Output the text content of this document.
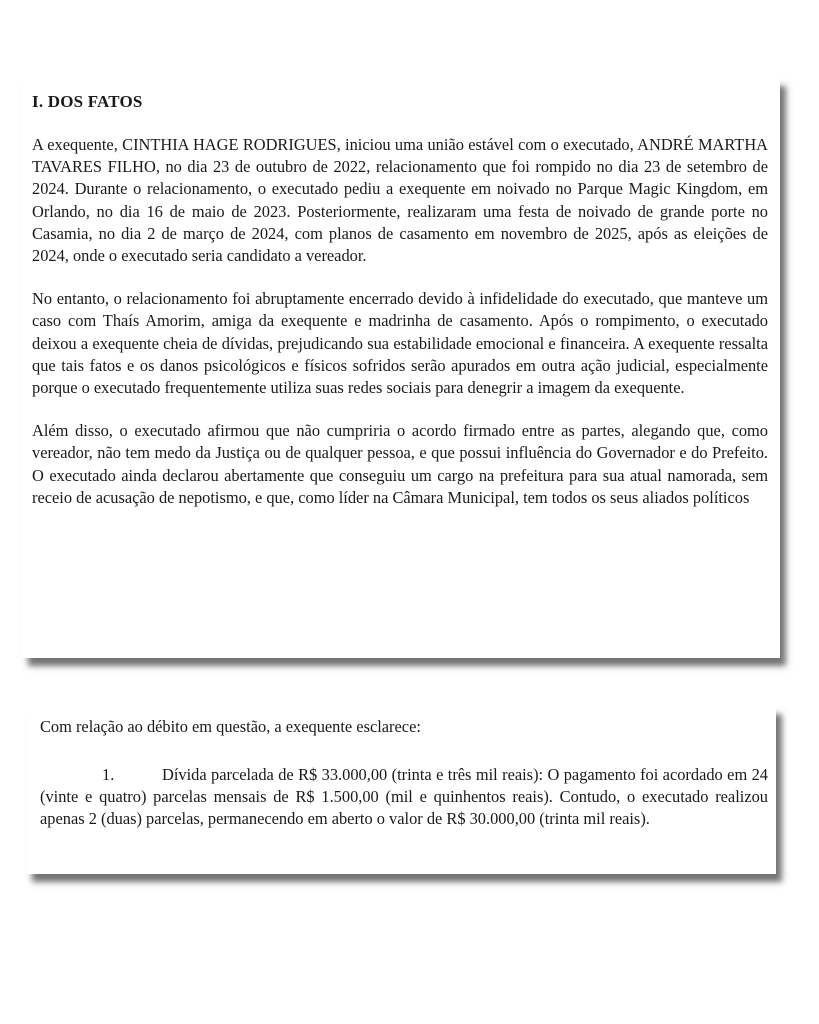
I. DOS FATOS

A exequente, CINTHIA HAGE RODRIGUES, iniciou uma união estável com o executado, ANDRÉ MARTHA TAVARES FILHO, no dia 23 de outubro de 2022, relacionamento que foi rompido no dia 23 de setembro de 2024. Durante o relacionamento, o executado pediu a exequente em noivado no Parque Magic Kingdom, em Orlando, no dia 16 de maio de 2023. Posteriormente, realizaram uma festa de noivado de grande porte no Casamia, no dia 2 de março de 2024, com planos de casamento em novembro de 2025, após as eleições de 2024, onde o executado seria candidato a vereador.

No entanto, o relacionamento foi abruptamente encerrado devido à infidelidade do executado, que manteve um caso com Thaís Amorim, amiga da exequente e madrinha de casamento. Após o rompimento, o executado deixou a exequente cheia de dívidas, prejudicando sua estabilidade emocional e financeira. A exequente ressalta que tais fatos e os danos psicológicos e físicos sofridos serão apurados em outra ação judicial, especialmente porque o executado frequentemente utiliza suas redes sociais para denegrir a imagem da exequente.

Além disso, o executado afirmou que não cumpriria o acordo firmado entre as partes, alegando que, como vereador, não tem medo da Justiça ou de qualquer pessoa, e que possui influência do Governador e do Prefeito. O executado ainda declarou abertamente que conseguiu um cargo na prefeitura para sua atual namorada, sem receio de acusação de nepotismo, e que, como líder na Câmara Municipal, tem todos os seus aliados políticos

Com relação ao débito em questão, a exequente esclarece:

1.	Dívida parcelada de R$ 33.000,00 (trinta e três mil reais): O pagamento foi acordado em 24 (vinte e quatro) parcelas mensais de R$ 1.500,00 (mil e quinhentos reais). Contudo, o executado realizou apenas 2 (duas) parcelas, permanecendo em aberto o valor de R$ 30.000,00 (trinta mil reais).
